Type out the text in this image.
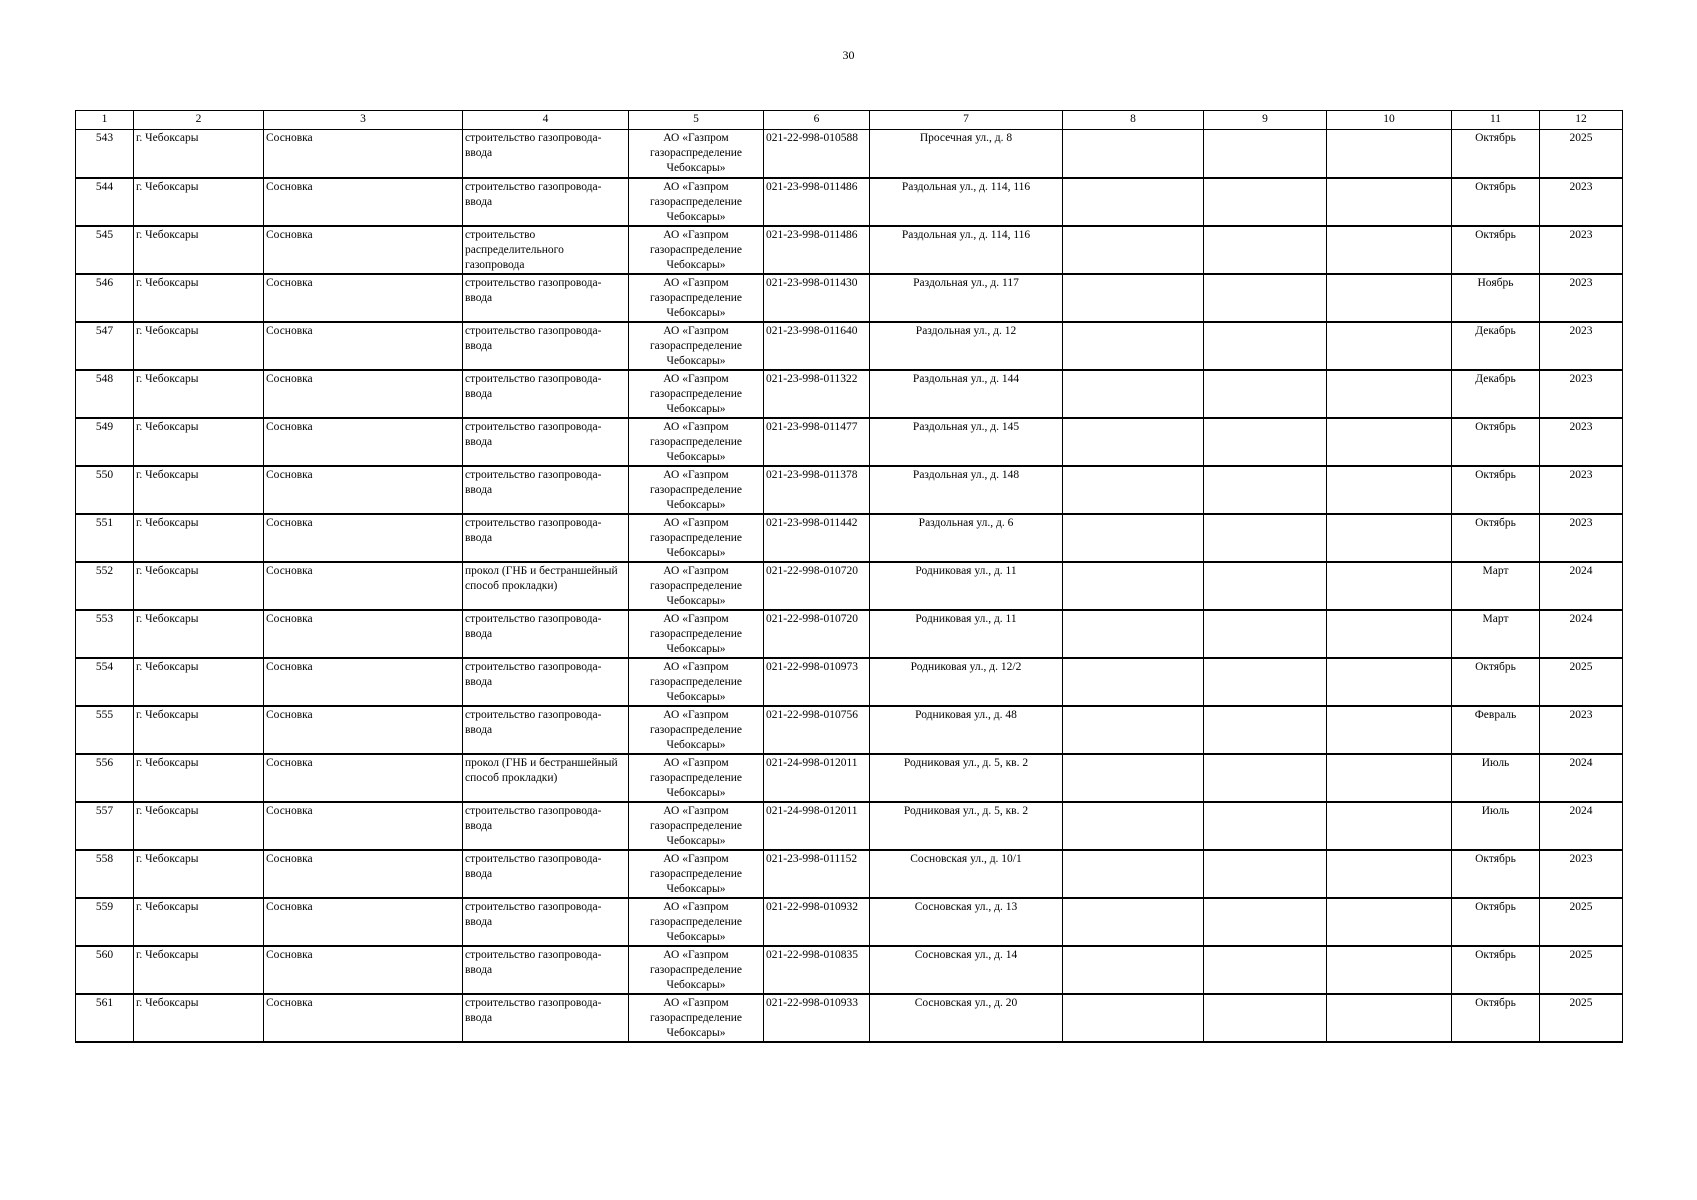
30
1	2	3	4	5	6	7	8	9	10	11	12
543	г. Чебоксары	Сосновка	строительство газопровода-ввода	АО «Газпром газораспределение Чебоксары»	021-22-998-010588	Просечная ул., д. 8				Октябрь	2025
544	г. Чебоксары	Сосновка	строительство газопровода-ввода	АО «Газпром газораспределение Чебоксары»	021-23-998-011486	Раздольная ул., д. 114, 116				Октябрь	2023
545	г. Чебоксары	Сосновка	строительство распределительного газопровода	АО «Газпром газораспределение Чебоксары»	021-23-998-011486	Раздольная ул., д. 114, 116				Октябрь	2023
546	г. Чебоксары	Сосновка	строительство газопровода-ввода	АО «Газпром газораспределение Чебоксары»	021-23-998-011430	Раздольная ул., д. 117				Ноябрь	2023
547	г. Чебоксары	Сосновка	строительство газопровода-ввода	АО «Газпром газораспределение Чебоксары»	021-23-998-011640	Раздольная ул., д. 12				Декабрь	2023
548	г. Чебоксары	Сосновка	строительство газопровода-ввода	АО «Газпром газораспределение Чебоксары»	021-23-998-011322	Раздольная ул., д. 144				Декабрь	2023
549	г. Чебоксары	Сосновка	строительство газопровода-ввода	АО «Газпром газораспределение Чебоксары»	021-23-998-011477	Раздольная ул., д. 145				Октябрь	2023
550	г. Чебоксары	Сосновка	строительство газопровода-ввода	АО «Газпром газораспределение Чебоксары»	021-23-998-011378	Раздольная ул., д. 148				Октябрь	2023
551	г. Чебоксары	Сосновка	строительство газопровода-ввода	АО «Газпром газораспределение Чебоксары»	021-23-998-011442	Раздольная ул., д. 6				Октябрь	2023
552	г. Чебоксары	Сосновка	прокол (ГНБ и бестраншейный способ прокладки)	АО «Газпром газораспределение Чебоксары»	021-22-998-010720	Родниковая ул., д. 11				Март	2024
553	г. Чебоксары	Сосновка	строительство газопровода-ввода	АО «Газпром газораспределение Чебоксары»	021-22-998-010720	Родниковая ул., д. 11				Март	2024
554	г. Чебоксары	Сосновка	строительство газопровода-ввода	АО «Газпром газораспределение Чебоксары»	021-22-998-010973	Родниковая ул., д. 12/2				Октябрь	2025
555	г. Чебоксары	Сосновка	строительство газопровода-ввода	АО «Газпром газораспределение Чебоксары»	021-22-998-010756	Родниковая ул., д. 48				Февраль	2023
556	г. Чебоксары	Сосновка	прокол (ГНБ и бестраншейный способ прокладки)	АО «Газпром газораспределение Чебоксары»	021-24-998-012011	Родниковая ул., д. 5, кв. 2				Июль	2024
557	г. Чебоксары	Сосновка	строительство газопровода-ввода	АО «Газпром газораспределение Чебоксары»	021-24-998-012011	Родниковая ул., д. 5, кв. 2				Июль	2024
558	г. Чебоксары	Сосновка	строительство газопровода-ввода	АО «Газпром газораспределение Чебоксары»	021-23-998-011152	Сосновская ул., д. 10/1				Октябрь	2023
559	г. Чебоксары	Сосновка	строительство газопровода-ввода	АО «Газпром газораспределение Чебоксары»	021-22-998-010932	Сосновская ул., д. 13				Октябрь	2025
560	г. Чебоксары	Сосновка	строительство газопровода-ввода	АО «Газпром газораспределение Чебоксары»	021-22-998-010835	Сосновская ул., д. 14				Октябрь	2025
561	г. Чебоксары	Сосновка	строительство газопровода-ввода	АО «Газпром газораспределение Чебоксары»	021-22-998-010933	Сосновская ул., д. 20				Октябрь	2025
